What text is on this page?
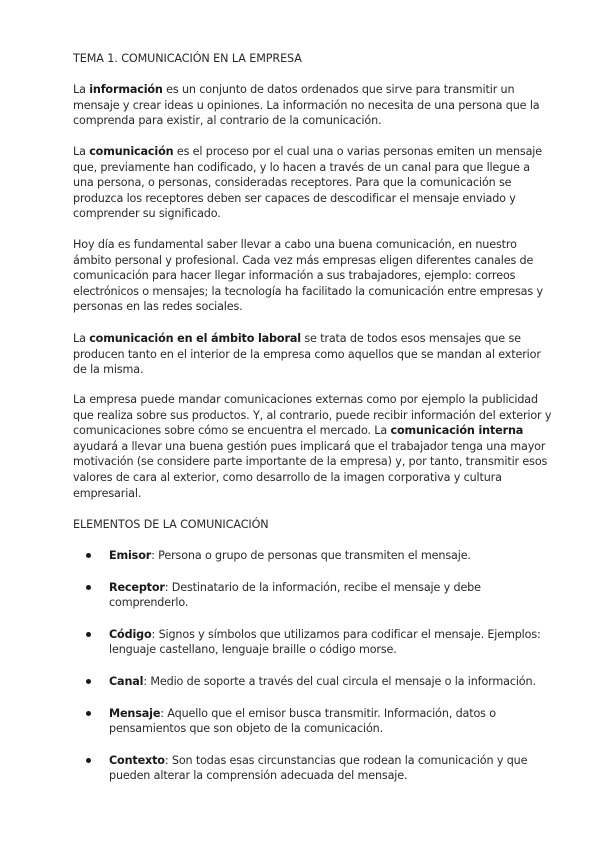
TEMA 1. COMUNICACIÓN EN LA EMPRESA

La información es un conjunto de datos ordenados que sirve para transmitir un mensaje y crear ideas u opiniones. La información no necesita de una persona que la comprenda para existir, al contrario de la comunicación.

La comunicación es el proceso por el cual una o varias personas emiten un mensaje que, previamente han codificado, y lo hacen a través de un canal para que llegue a una persona, o personas, consideradas receptores. Para que la comunicación se produzca los receptores deben ser capaces de descodificar el mensaje enviado y comprender su significado.

Hoy día es fundamental saber llevar a cabo una buena comunicación, en nuestro ámbito personal y profesional. Cada vez más empresas eligen diferentes canales de comunicación para hacer llegar información a sus trabajadores, ejemplo: correos electrónicos o mensajes; la tecnología ha facilitado la comunicación entre empresas y personas en las redes sociales.

La comunicación en el ámbito laboral se trata de todos esos mensajes que se producen tanto en el interior de la empresa como aquellos que se mandan al exterior de la misma.

La empresa puede mandar comunicaciones externas como por ejemplo la publicidad que realiza sobre sus productos. Y, al contrario, puede recibir información del exterior y comunicaciones sobre cómo se encuentra el mercado. La comunicación interna ayudará a llevar una buena gestión pues implicará que el trabajador tenga una mayor motivación (se considere parte importante de la empresa) y, por tanto, transmitir esos valores de cara al exterior, como desarrollo de la imagen corporativa y cultura empresarial.

ELEMENTOS DE LA COMUNICACIÓN

Emisor: Persona o grupo de personas que transmiten el mensaje.
Receptor: Destinatario de la información, recibe el mensaje y debe comprenderlo.
Código: Signos y símbolos que utilizamos para codificar el mensaje. Ejemplos: lenguaje castellano, lenguaje braille o código morse.
Canal: Medio de soporte a través del cual circula el mensaje o la información.
Mensaje: Aquello que el emisor busca transmitir. Información, datos o pensamientos que son objeto de la comunicación.
Contexto: Son todas esas circunstancias que rodean la comunicación y que pueden alterar la comprensión adecuada del mensaje.
